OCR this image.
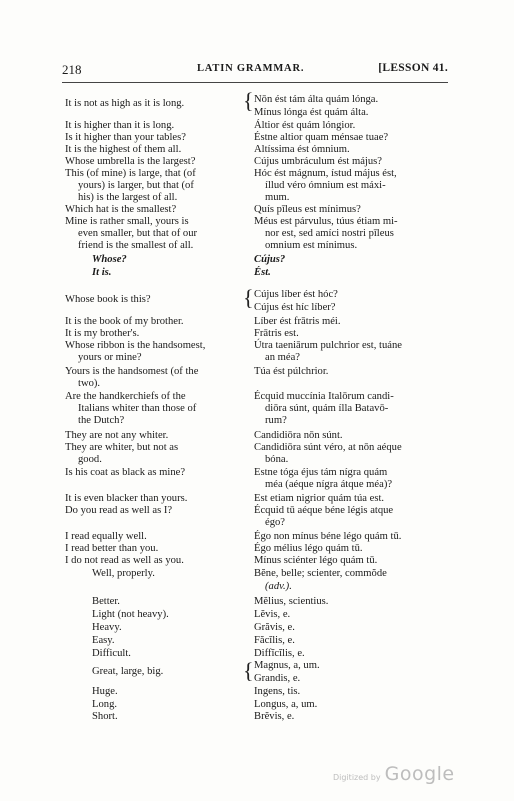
218	LATIN GRAMMAR.	[LESSON 41.
It is not as high as it is long.
It is higher than it is long.
Is it higher than your tables?
It is the highest of them all.
Whose umbrella is the largest?
This (of mine) is large, that (of
yours) is larger, but that (of
his) is the largest of all.
Which hat is the smallest?
Mine is rather small, yours is
even smaller, but that of our
friend is the smallest of all.
Whose?
It is.
Whose book is this?
It is the book of my brother.
It is my brother's.
Whose ribbon is the handsomest,
yours or mine?
Yours is the handsomest (of the
two).
Are the handkerchiefs of the
Italians whiter than those of
the Dutch?
They are not any whiter.
They are whiter, but not as
good.
Is his coat as black as mine?
It is even blacker than yours.
Do you read as well as I?
I read equally well.
I read better than you.
I do not read as well as you.
Well, properly.
Better.
Light (not heavy).
Heavy.
Easy.
Difficult.
Great, large, big.
Huge.
Long.
Short.
{
{
{
Nōn ést tám álta quám lónga.
Mínus lónga ést quám álta.
Áltior ést quám lóngior.
Éstne altior quam ménsae tuae?
Altíssima ést ómnium.
Cújus umbráculum ést május?
Hóc ést mágnum, ístud május ést,
íllud véro ómnium est máxi-
mum.
Quís pīleus est mínimus?
Méus est párvulus, túus étiam mi-
nor est, sed amíci nostri pīleus
omnium est mínimus.
Cújus?
Ést.
Cújus líber ést hóc?
Cújus ést híc líber?
Líber ést frātris méi.
Frātris est.
Útra taeniārum pulchrior est, tuáne
an méa?
Túa ést púlchrior.
Écquid muccínia Italōrum candi-
diōra súnt, quám ílla Batavō-
rum?
Candidiōra nōn súnt.
Candidiōra súnt véro, at nōn aéque
bóna.
Estne tóga éjus tám nígra quám
méa (aéque nígra átque méa)?
Est etiam nigrior quám túa est.
Écquid tū aéque béne légis atque
égo?
Égo non mínus béne légo quám tū.
Égo mélius légo quám tū.
Mínus sciénter légo quám tū.
Bĕne, belle; scienter, commŏde
(adv.).
Mĕlius, scientius.
Lĕvis, e.
Grăvis, e.
Făcĭlis, e.
Diffĭcĭlis, e.
Magnus, a, um.
Grandis, e.
Ingens, tis.
Longus, a, um.
Brĕvis, e.
Digitized by Google
